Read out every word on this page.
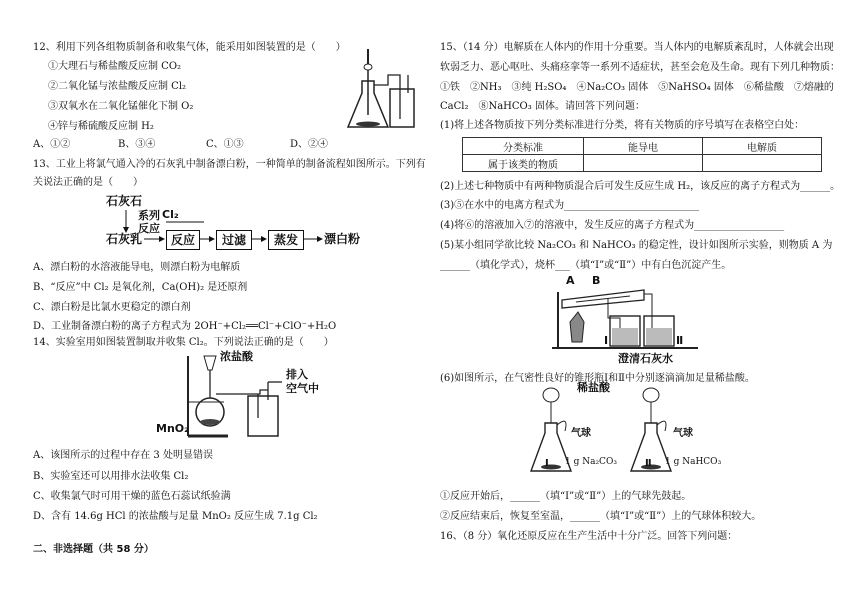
12、利用下列各组物质制备和收集气体，能采用如图装置的是（　　）
①大理石与稀盐酸反应制 CO₂
②二氧化锰与浓盐酸反应制 Cl₂
③双氧水在二氧化锰催化下制 O₂
④锌与稀硫酸反应制 H₂
A、①②	B、③④	C、①③	D、②④
13、工业上将氯气通入冷的石灰乳中制备漂白粉，一种简单的制备流程如图所示。下列有
关说法正确的是（　　）
石灰石
系列
反应
石灰乳
Cl₂
反应	过滤	蒸发	漂白粉
A、漂白粉的水溶液能导电，则漂白粉为电解质
B、“反应”中 Cl₂ 是氧化剂，Ca(OH)₂ 是还原剂
C、漂白粉是比氯水更稳定的漂白剂
D、工业制备漂白粉的离子方程式为 2OH⁻+Cl₂══Cl⁻+ClO⁻+H₂O
14、实验室用如图装置制取并收集 Cl₂。下列说法正确的是（　　）
浓盐酸
排入
空气中
MnO₂
A、该图所示的过程中存在 3 处明显错误
B、实验室还可以用排水法收集 Cl₂
C、收集氯气时可用干燥的蓝色石蕊试纸验满
D、含有 14.6g HCl 的浓盐酸与足量 MnO₂ 反应生成 7.1g Cl₂
二、非选择题（共 58 分）
15、（14 分）电解质在人体内的作用十分重要。当人体内的电解质紊乱时，人体就会出现
软弱乏力、恶心呕吐、头痛痉挛等一系列不适症状，甚至会危及生命。现有下列几种物质：
①铁　②NH₃　③纯 H₂SO₄　④Na₂CO₃ 固体　⑤NaHSO₄ 固体　⑥稀盐酸　⑦熔融的
CaCl₂　⑧NaHCO₃ 固体。请回答下列问题：
(1)将上述各物质按下列分类标准进行分类，将有关物质的序号填写在表格空白处：
分类标准	能导电	电解质
属于该类的物质		
(2)上述七种物质中有两种物质混合后可发生反应生成 H₂，该反应的离子方程式为______。
(3)⑤在水中的电离方程式为___________________________
(4)将⑥的溶液加入⑦的溶液中，发生反应的离子方程式为__________________
(5)某小组同学欲比较 Na₂CO₃ 和 NaHCO₃ 的稳定性，设计如图所示实验，则物质 A 为
______（填化学式），烧杯___（填“Ⅰ”或“Ⅱ”）中有白色沉淀产生。
A B
Ⅰ	Ⅱ
澄清石灰水
(6)如图所示，在气密性良好的锥形瓶Ⅰ和Ⅱ中分别逐滴滴加足量稀盐酸。
稀盐酸
气球	气球
1 g Na₂CO₃	1 g NaHCO₃
Ⅰ	Ⅱ
①反应开始后，______（填“Ⅰ”或“Ⅱ”）上的气球先鼓起。
②反应结束后，恢复至室温，______（填“Ⅰ”或“Ⅱ”）上的气球体积较大。
16、（8 分）氧化还原反应在生产生活中十分广泛。回答下列问题：
